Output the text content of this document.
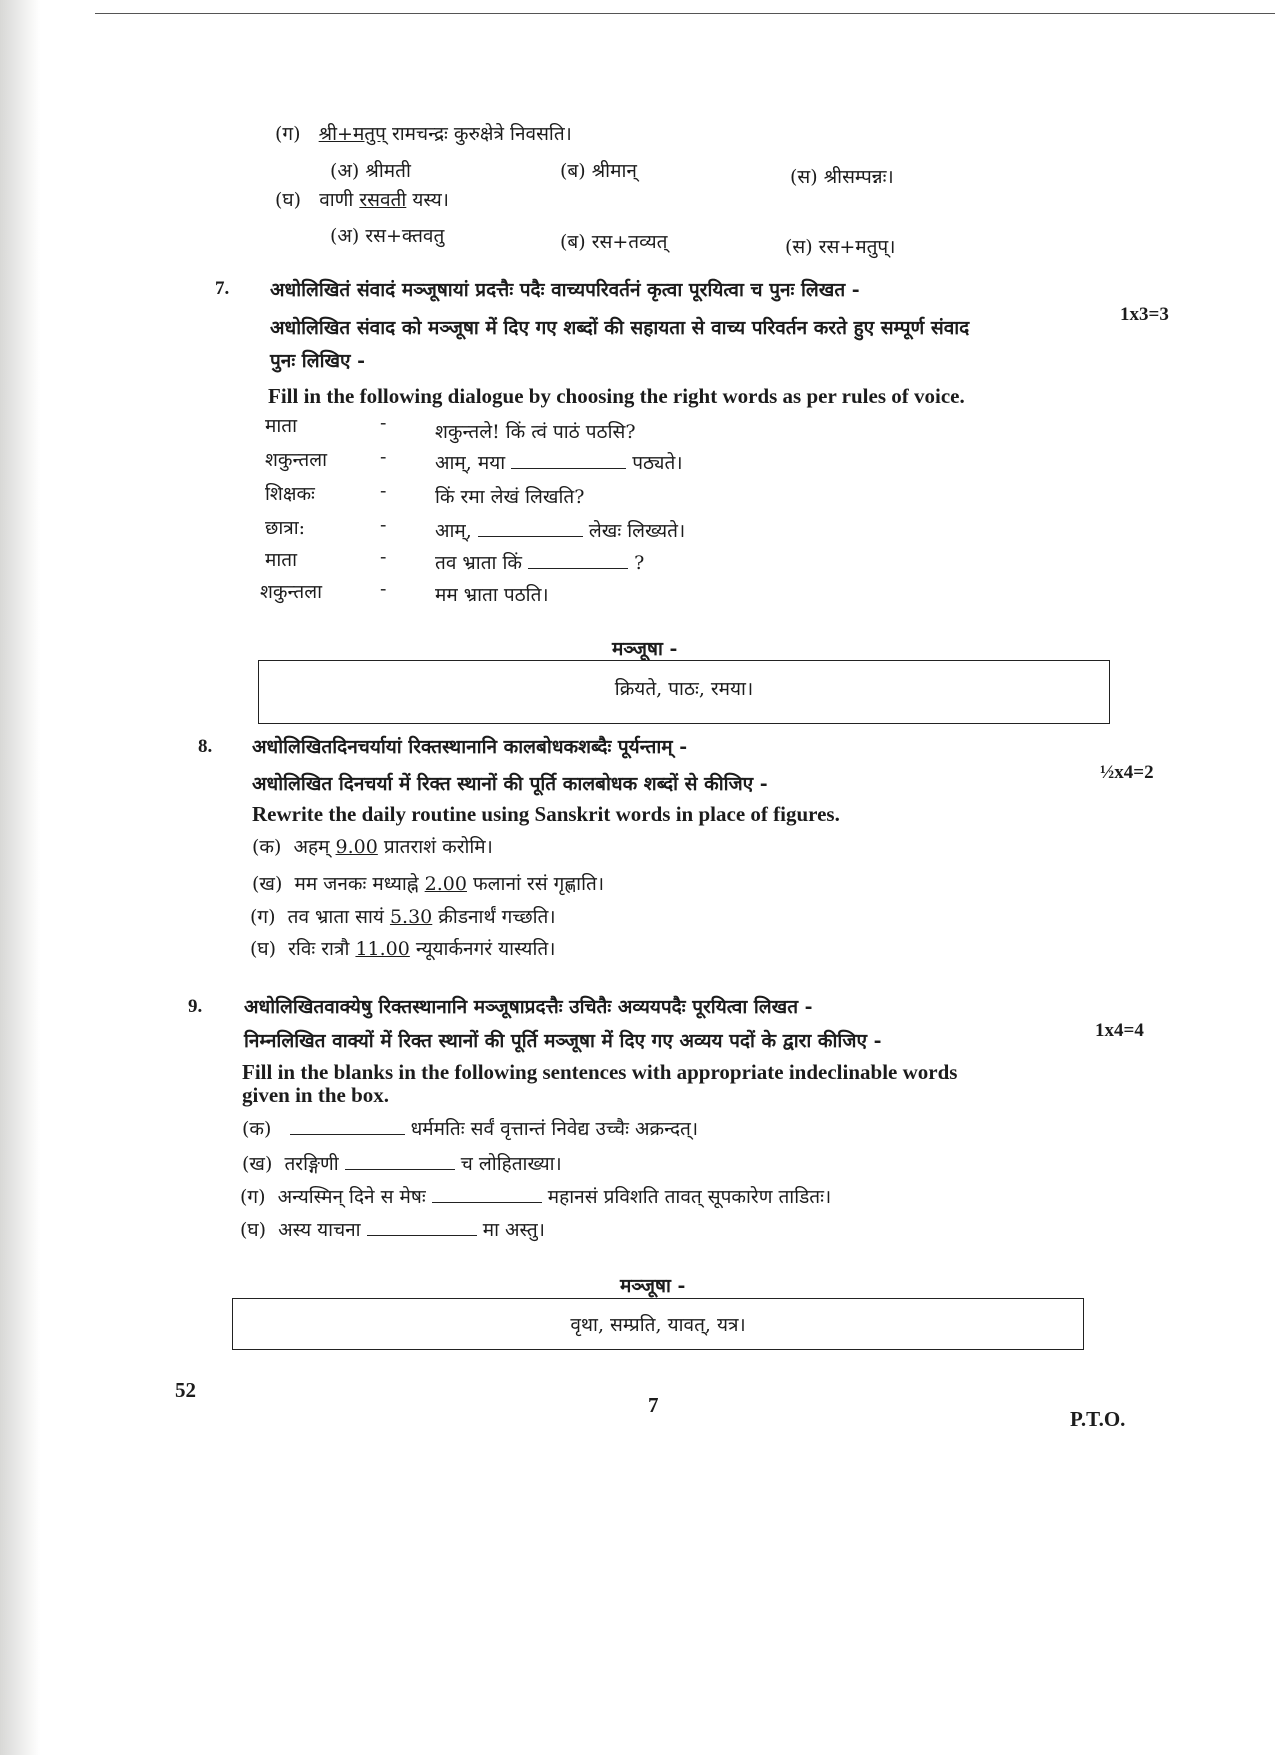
(ग) श्री+मतुप् रामचन्द्रः कुरुक्षेत्रे निवसति।
(अ) श्रीमती	(ब) श्रीमान्	(स) श्रीसम्पन्नः।
(घ) वाणी रसवती यस्य।
(अ) रस+क्तवतु	(ब) रस+तव्यत्	(स) रस+मतुप्।
7. अधोलिखितं संवादं मञ्जूषायां प्रदत्तैः पदैः वाच्यपरिवर्तनं कृत्वा पूरयित्वा च पुनः लिखत -
1x3=3
अधोलिखित संवाद को मञ्जूषा में दिए गए शब्दों की सहायता से वाच्य परिवर्तन करते हुए सम्पूर्ण संवाद
पुनः लिखिए -
Fill in the following dialogue by choosing the right words as per rules of voice.
माता	-	शकुन्तले! किं त्वं पाठं पठसि?
शकुन्तला	-	आम्, मया	पठ्यते।
शिक्षकः	-	किं रमा लेखं लिखति?
छात्रा:	-	आम्,	लेखः लिख्यते।
माता	-	तव भ्राता किं	?
शकुन्तला	-	मम भ्राता पठति।
मञ्जूषा -
क्रियते, पाठः, रमया।
8. अधोलिखितदिनचर्यायां रिक्तस्थानानि कालबोधकशब्दैः पूर्यन्ताम् -
अधोलिखित दिनचर्या में रिक्त स्थानों की पूर्ति कालबोधक शब्दों से कीजिए -
½x4=2
Rewrite the daily routine using Sanskrit words in place of figures.
(क) अहम् 9.00 प्रातराशं करोमि।
(ख) मम जनकः मध्याह्ने 2.00 फलानां रसं गृह्णाति।
(ग) तव भ्राता सायं 5.30 क्रीडनार्थं गच्छति।
(घ) रविः रात्रौ 11.00 न्यूयार्कनगरं यास्यति।
9. अधोलिखितवाक्येषु रिक्तस्थानानि मञ्जूषाप्रदत्तैः उचितैः अव्ययपदैः पूरयित्वा लिखत -
निम्नलिखित वाक्यों में रिक्त स्थानों की पूर्ति मञ्जूषा में दिए गए अव्यय पदों के द्वारा कीजिए -	1x4=4
Fill in the blanks in the following sentences with appropriate indeclinable words
given in the box.
(क)	धर्ममतिः सर्वं वृत्तान्तं निवेद्य उच्चैः अक्रन्दत्।
(ख) तरङ्गिणी	च लोहिताख्या।
(ग) अन्यस्मिन् दिने स मेषः	महानसं प्रविशति तावत् सूपकारेण ताडितः।
(घ) अस्य याचना	मा अस्तु।
मञ्जूषा -
वृथा, सम्प्रति, यावत्, यत्र।
52
7
P.T.O.
